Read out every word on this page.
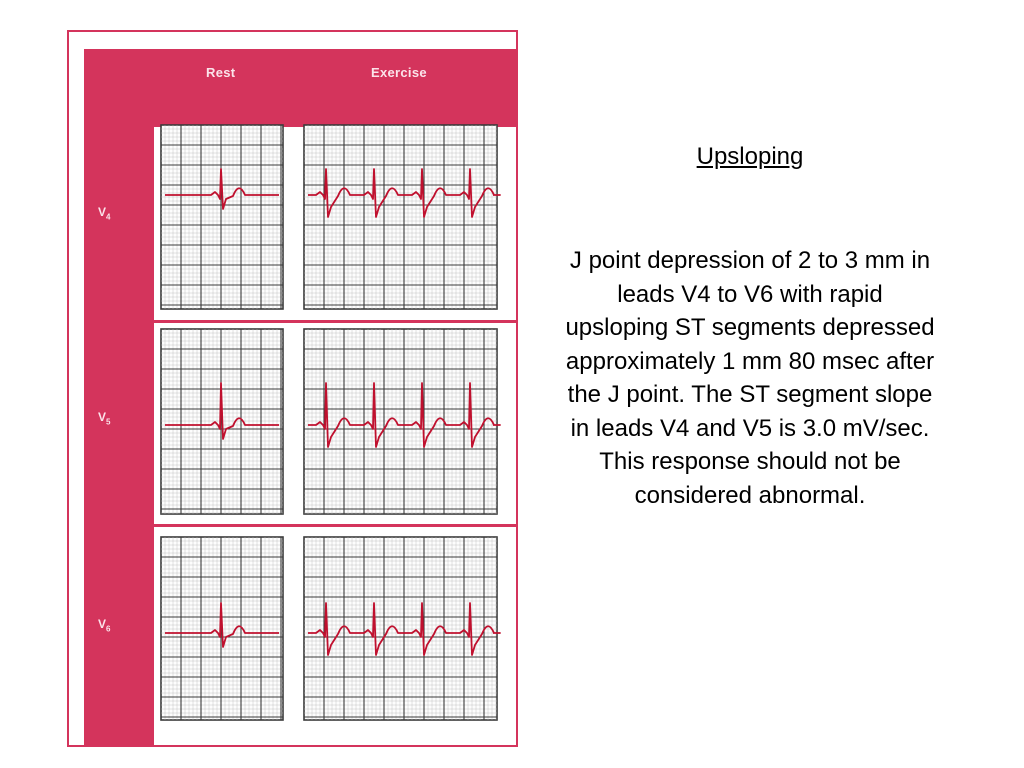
Rest	Exercise
$V_4$
$V_5$
$V_6$

Upsloping

J point depression of 2 to 3 mm in leads V4 to V6 with rapid upsloping ST segments depressed approximately 1 mm 80 msec after the J point. The ST segment slope in leads V4 and V5 is 3.0 mV/sec. This response should not be considered abnormal.
